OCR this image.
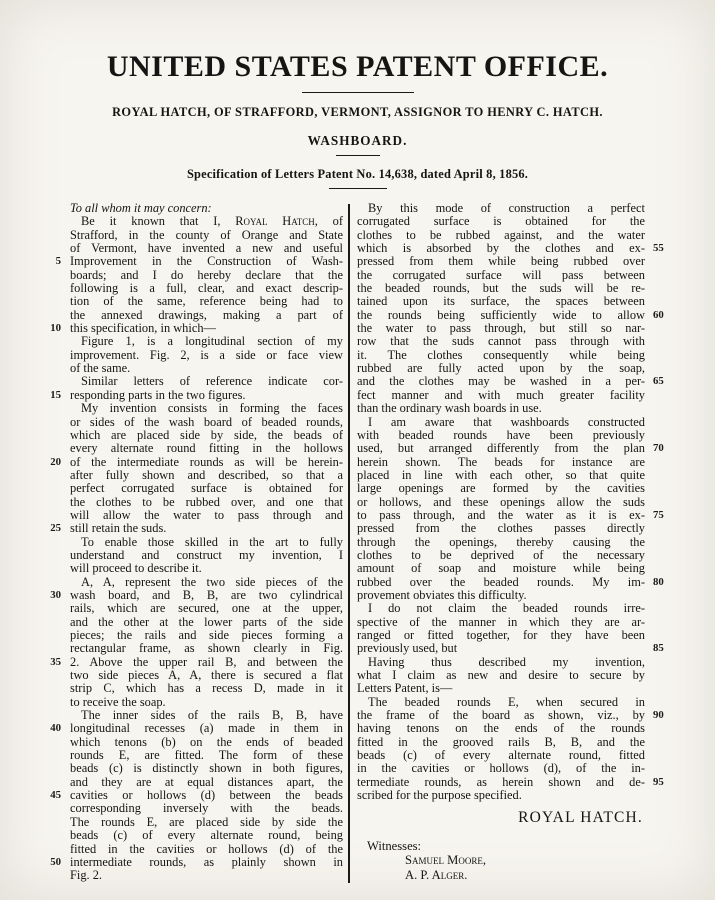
UNITED STATES PATENT OFFICE.
ROYAL HATCH, OF STRAFFORD, VERMONT, ASSIGNOR TO HENRY C. HATCH.
WASHBOARD.
Specification of Letters Patent No. 14,638, dated April 8, 1856.
To all whom it may concern:
Be it known that I, Royal Hatch, of
Strafford, in the county of Orange and State
of Vermont, have invented a new and useful
5 Improvement in the Construction of Wash-
boards; and I do hereby declare that the
following is a full, clear, and exact descrip-
tion of the same, reference being had to
the annexed drawings, making a part of
10 this specification, in which—
Figure 1, is a longitudinal section of my
improvement. Fig. 2, is a side or face view
of the same.
Similar letters of reference indicate cor-
15 responding parts in the two figures.
My invention consists in forming the faces
or sides of the wash board of beaded rounds,
which are placed side by side, the beads of
every alternate round fitting in the hollows
20 of the intermediate rounds as will be herein-
after fully shown and described, so that a
perfect corrugated surface is obtained for
the clothes to be rubbed over, and one that
will allow the water to pass through and
25 still retain the suds.
To enable those skilled in the art to fully
understand and construct my invention, I
will proceed to describe it.
A, A, represent the two side pieces of the
30 wash board, and B, B, are two cylindrical
rails, which are secured, one at the upper,
and the other at the lower parts of the side
pieces; the rails and side pieces forming a
rectangular frame, as shown clearly in Fig.
35 2. Above the upper rail B, and between the
two side pieces A, A, there is secured a flat
strip C, which has a recess D, made in it
to receive the soap.
The inner sides of the rails B, B, have
40 longitudinal recesses (a) made in them in
which tenons (b) on the ends of beaded
rounds E, are fitted. The form of these
beads (c) is distinctly shown in both figures,
and they are at equal distances apart, the
45 cavities or hollows (d) between the beads
corresponding inversely with the beads.
The rounds E, are placed side by side the
beads (c) of every alternate round, being
fitted in the cavities or hollows (d) of the
50 intermediate rounds, as plainly shown in
Fig. 2.
By this mode of construction a perfect
corrugated surface is obtained for the
clothes to be rubbed against, and the water
which is absorbed by the clothes and ex- 55
pressed from them while being rubbed over
the corrugated surface will pass between
the beaded rounds, but the suds will be re-
tained upon its surface, the spaces between
the rounds being sufficiently wide to allow 60
the water to pass through, but still so nar-
row that the suds cannot pass through with
it. The clothes consequently while being
rubbed are fully acted upon by the soap,
and the clothes may be washed in a per- 65
fect manner and with much greater facility
than the ordinary wash boards in use.
I am aware that washboards constructed
with beaded rounds have been previously
used, but arranged differently from the plan 70
herein shown. The beads for instance are
placed in line with each other, so that quite
large openings are formed by the cavities
or hollows, and these openings allow the suds
to pass through, and the water as it is ex- 75
pressed from the clothes passes directly
through the openings, thereby causing the
clothes to be deprived of the necessary
amount of soap and moisture while being
rubbed over the beaded rounds. My im- 80
provement obviates this difficulty.
I do not claim the beaded rounds irre-
spective of the manner in which they are ar-
ranged or fitted together, for they have been
previously used, but	85
Having thus described my invention,
what I claim as new and desire to secure by
Letters Patent, is—
The beaded rounds E, when secured in
the frame of the board as shown, viz., by 90
having tenons on the ends of the rounds
fitted in the grooved rails B, B, and the
beads (c) of every alternate round, fitted
in the cavities or hollows (d), of the in-
termediate rounds, as herein shown and de- 95
scribed for the purpose specified.
ROYAL HATCH.
Witnesses:
Samuel Moore,
A. P. Alger.
